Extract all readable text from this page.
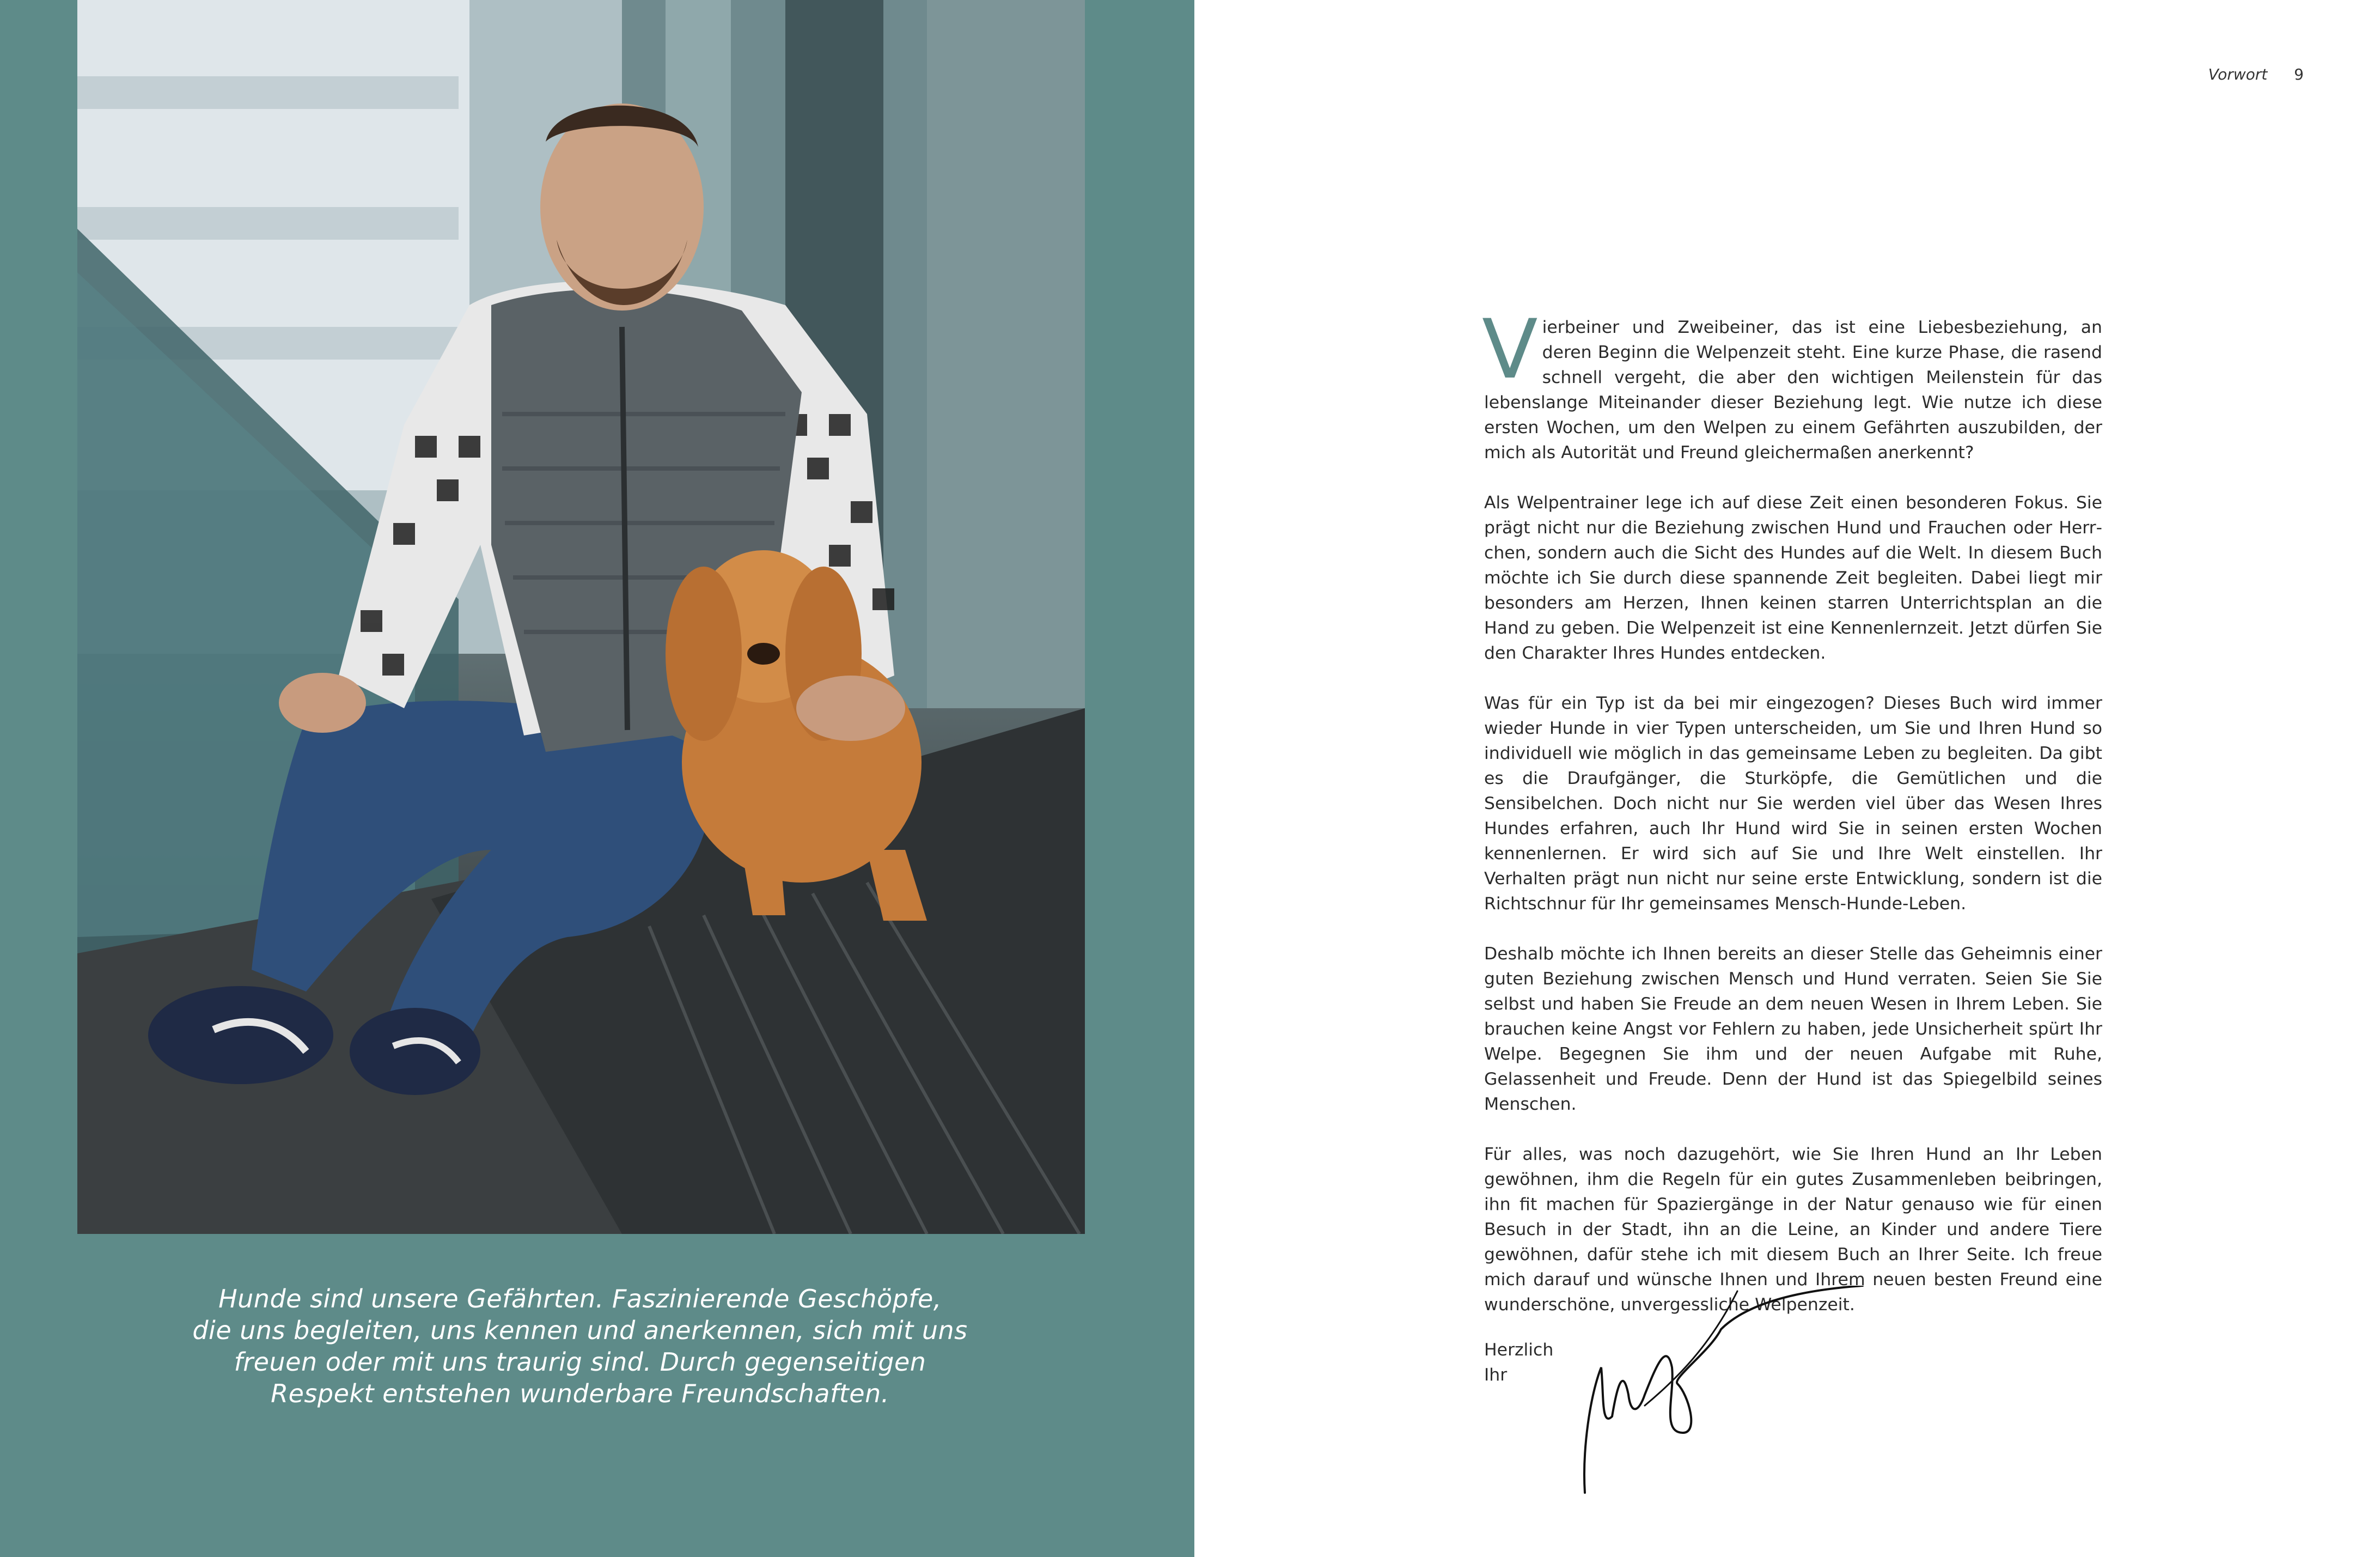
Hunde sind unsere Gefährten. Faszinierende Geschöpfe,
die uns begleiten, uns kennen und anerkennen, sich mit uns
freuen oder mit uns traurig sind. Durch gegenseitigen
Respekt entstehen wunderbare Freundschaften.
Vorwort 9

Vierbeiner und Zweibeiner, das ist eine Liebesbeziehung, an deren Beginn die Welpenzeit steht. Eine kurze Phase, die rasend schnell vergeht, die aber den wichtigen Meilenstein für das lebenslange Miteinander dieser Beziehung legt. Wie nutze ich diese ersten Wochen, um den Welpen zu einem Gefährten auszubilden, der mich als Autorität und Freund gleichermaßen anerkennt?

Als Welpentrainer lege ich auf diese Zeit einen besonderen Fokus. Sie prägt nicht nur die Beziehung zwischen Hund und Frauchen oder Herrchen, sondern auch die Sicht des Hundes auf die Welt. In diesem Buch möchte ich Sie durch diese spannende Zeit begleiten. Dabei liegt mir besonders am Herzen, Ihnen keinen starren Unterrichtsplan an die Hand zu geben. Die Welpenzeit ist eine Kennenlernzeit. Jetzt dürfen Sie den Charakter Ihres Hundes entdecken.

Was für ein Typ ist da bei mir eingezogen? Dieses Buch wird immer wieder Hunde in vier Typen unterscheiden, um Sie und Ihren Hund so individuell wie möglich in das gemeinsame Leben zu begleiten. Da gibt es die Draufgänger, die Sturköpfe, die Gemütlichen und die Sensibelchen. Doch nicht nur Sie werden viel über das Wesen Ihres Hundes erfahren, auch Ihr Hund wird Sie in seinen ersten Wochen kennenlernen. Er wird sich auf Sie und Ihre Welt einstellen. Ihr Verhalten prägt nun nicht nur seine erste Entwicklung, sondern ist die Richtschnur für Ihr gemeinsames Mensch-Hunde-Leben.

Deshalb möchte ich Ihnen bereits an dieser Stelle das Geheimnis einer guten Beziehung zwischen Mensch und Hund verraten. Seien Sie Sie selbst und haben Sie Freude an dem neuen Wesen in Ihrem Leben. Sie brauchen keine Angst vor Fehlern zu haben, jede Unsicherheit spürt Ihr Welpe. Begegnen Sie ihm und der neuen Aufgabe mit Ruhe, Gelassenheit und Freude. Denn der Hund ist das Spiegelbild seines Menschen.

Für alles, was noch dazugehört, wie Sie Ihren Hund an Ihr Leben gewöhnen, ihm die Regeln für ein gutes Zusammenleben beibringen, ihn fit machen für Spaziergänge in der Natur genauso wie für einen Besuch in der Stadt, ihn an die Leine, an Kinder und andere Tiere gewöhnen, dafür stehe ich mit diesem Buch an Ihrer Seite. Ich freue mich darauf und wünsche Ihnen und Ihrem neuen besten Freund eine wunderschöne, unvergessliche Welpenzeit.

Herzlich
Ihr
